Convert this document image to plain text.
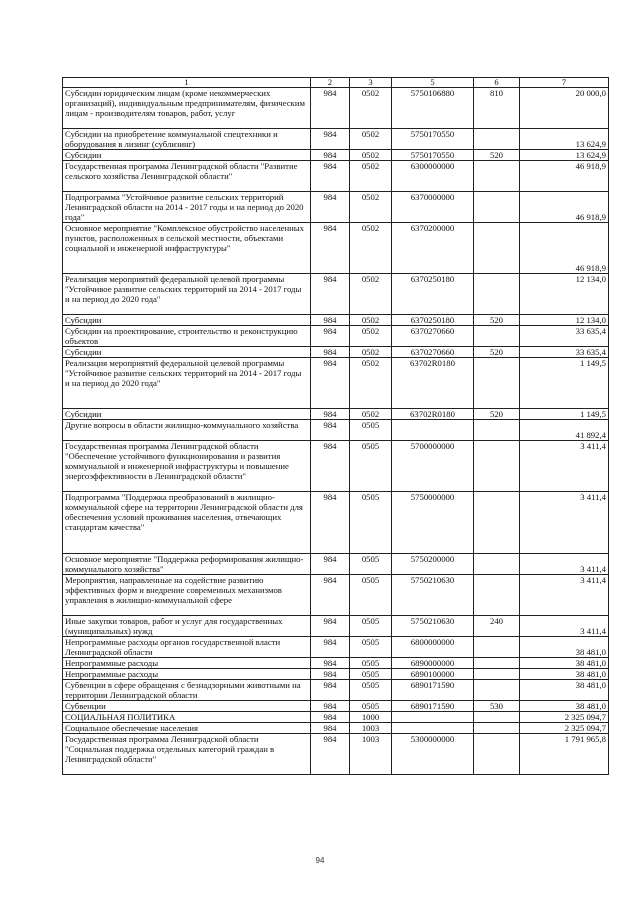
1	2	3	5	6	7
Субсидии юридическим лицам (кроме некоммерческих организаций), индивидуальным предпринимателям, физическим лицам - производителям товаров, работ, услуг	984	0502	5750106880	810	20 000,0
Субсидии на приобретение коммунальной спецтехники и оборудования в лизинг (сублизинг)	984	0502	5750170550		13 624,9
Субсидии	984	0502	5750170550	520	13 624,9
Государственная программа Ленинградской области "Развитие сельского хозяйства Ленинградской области"	984	0502	6300000000		46 918,9
Подпрограмма "Устойчивое развитие сельских территорий Ленинградской области на 2014 - 2017 годы и на период до 2020 года"	984	0502	6370000000		46 918,9
Основное мероприятие "Комплексное обустройство населенных пунктов, расположенных в сельской местности, объектами социальной и инженерной инфраструктуры"	984	0502	6370200000		46 918,9
Реализация мероприятий федеральной целевой программы "Устойчивое развитие сельских территорий на 2014 - 2017 годы и на период до 2020 года"	984	0502	6370250180		12 134,0
Субсидии	984	0502	6370250180	520	12 134,0
Субсидии на проектирование, строительство и реконструкцию объектов	984	0502	6370270660		33 635,4
Субсидии	984	0502	6370270660	520	33 635,4
Реализация мероприятий федеральной целевой программы "Устойчивое развитие сельских территорий на 2014 - 2017 годы и на период до 2020 года"	984	0502	63702R0180		1 149,5
Субсидии	984	0502	63702R0180	520	1 149,5
Другие вопросы в области жилищно-коммунального хозяйства	984	0505			41 892,4
Государственная программа Ленинградской области "Обеспечение устойчивого функционирования и развития коммунальной и инженерной инфраструктуры и повышение энергоэффективности в Ленинградской области"	984	0505	5700000000		3 411,4
Подпрограмма "Поддержка преобразований в жилищно-коммунальной сфере на территории Ленинградской области для обеспечения условий проживания населения, отвечающих стандартам качества"	984	0505	5750000000		3 411,4
Основное мероприятие "Поддержка реформирования жилищно-коммунального хозяйства"	984	0505	5750200000		3 411,4
Мероприятия, направленные на содействие развитию эффективных форм и внедрение современных механизмов управления в жилищно-коммунальной сфере	984	0505	5750210630		3 411,4
Иные закупки товаров, работ и услуг для государственных (муниципальных) нужд	984	0505	5750210630	240	3 411,4
Непрограммные расходы органов государственной власти Ленинградской области	984	0505	6800000000		38 481,0
Непрограммные расходы	984	0505	6890000000		38 481,0
Непрограммные расходы	984	0505	6890100000		38 481,0
Субвенции в сфере обращения с безнадзорными животными на территории Ленинградской области	984	0505	6890171590		38 481,0
Субвенции	984	0505	6890171590	530	38 481,0
СОЦИАЛЬНАЯ ПОЛИТИКА	984	1000			2 325 094,7
Социальное обеспечение населения	984	1003			2 325 094,7
Государственная программа Ленинградской области "Социальная поддержка отдельных категорий граждан в Ленинградской области"	984	1003	5300000000		1 791 965,8
94
